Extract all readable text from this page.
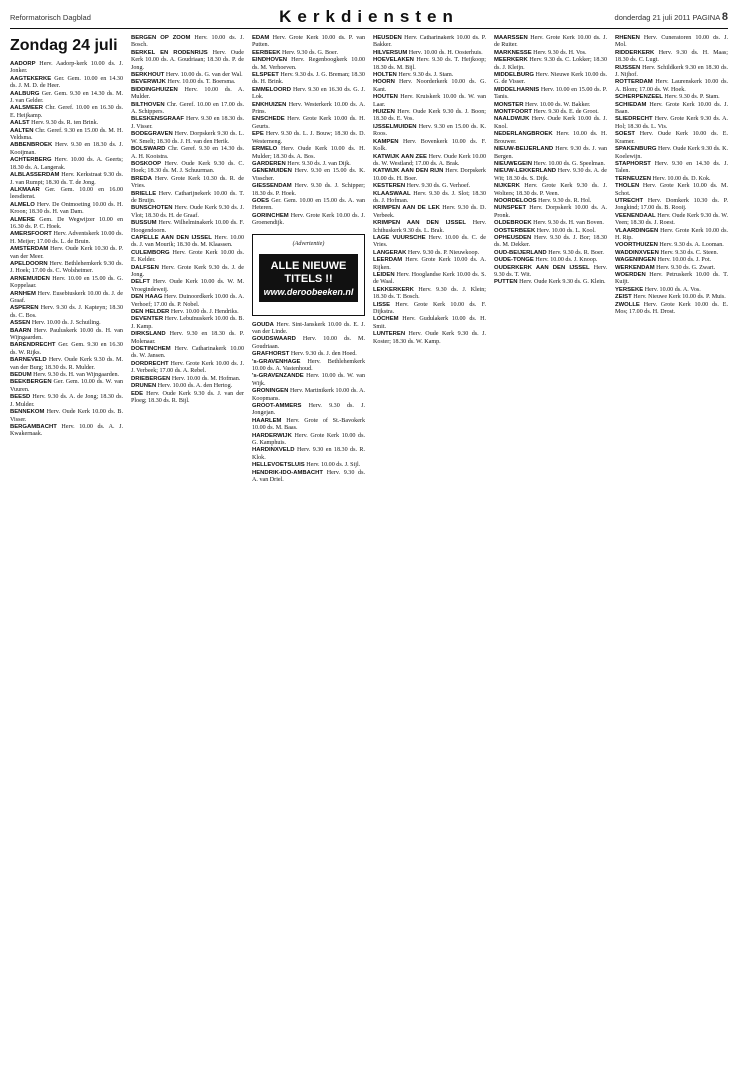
Reformatorisch Dagblad	Kerkdiensten	donderdag 21 juli 2011 PAGINA 8
Zondag 24 juli

AADORP Herv. Aadorp-kerk 10.00 ds. J. Jonker.

AAGTEKERKE Ger. Gem. 10.00 en 14.30 ds. J. M. D. de Heer.

AALBURG Ger. Gem. 9.30 en 14.30 ds. M. J. van Gelder.

AALSMEER Chr. Geref. 10.00 en 16.30 ds. E. Heijkamp.

AALST Herv. 9.30 ds. R. ten Brink.

AALTEN Chr. Geref. 9.30 en 15.00 ds. M. H. Veldsma.

ABBENBROEK Herv. 9.30 en 18.30 ds. J. Kooijman.

ACHTERBERG Herv. 10.00 ds. A. Geerts; 18.30 ds. A. Langerak.

ALBLASSERDAM Herv. Kerkstraat 9.30 ds. J. van Rumpt; 18.30 ds. T. de Jong.

ALKMAAR Ger. Gem. 10.00 en 16.00 leesdienst.

ALMELO Herv. De Ontmoeting 10.00 ds. H. Kroon; 18.30 ds. H. van Dam.

ALMERE Gem. De Wegwijzer 10.00 en 16.30 ds. P. C. Hoek.

AMERSFOORT Herv. Adventskerk 10.00 ds. H. Meijer; 17.00 ds. L. de Bruin.

AMSTERDAM Herv. Oude Kerk 10.30 ds. P. van der Meer.

APELDOORN Herv. Bethlehemkerk 9.30 ds. J. Hoek; 17.00 ds. C. Wolsheimer.

ARNEMUIDEN Herv. 10.00 en 15.00 ds. G. Koppelaar.

ARNHEM Herv. Eusebiuskerk 10.00 ds. J. de Graaf.

ASPEREN Herv. 9.30 ds. J. Kapteyn; 18.30 ds. C. Bos.

ASSEN Herv. 10.00 ds. J. Schuiling.

BAARN Herv. Pauluskerk 10.00 ds. H. van Wijngaarden.

BARENDRECHT Ger. Gem. 9.30 en 16.30 ds. W. Rijks.

BARNEVELD Herv. Oude Kerk 9.30 ds. M. van der Burg; 18.30 ds. R. Mulder.

BEDUM Herv. 9.30 ds. H. van Wijngaarden.

BEEKBERGEN Ger. Gem. 10.00 ds. W. van Vuuren.

BEESD Herv. 9.30 ds. A. de Jong; 18.30 ds. J. Mulder.

BENNEKOM Herv. Oude Kerk 10.00 ds. B. Visser.

BERGAMBACHT Herv. 10.00 ds. A. J. Kwakernaak.

BERGEN OP ZOOM Herv. 10.00 ds. J. Bosch.

BERKEL EN RODENRIJS Herv. Oude Kerk 10.00 ds. A. Goudriaan; 18.30 ds. P. de Jong.

BERKHOUT Herv. 10.00 ds. G. van der Wal.

BEVERWIJK Herv. 10.00 ds. T. Boersma.

BIDDINGHUIZEN Herv. 10.00 ds. A. Mulder.

BILTHOVEN Chr. Geref. 10.00 en 17.00 ds. A. Schippers.

BLESKENSGRAAF Herv. 9.30 en 18.30 ds. J. Visser.

BODEGRAVEN Herv. Dorpskerk 9.30 ds. L. W. Smelt; 18.30 ds. J. H. van den Herik.

BOLSWARD Chr. Geref. 9.30 en 14.30 ds. A. H. Kooistra.

BOSKOOP Herv. Oude Kerk 9.30 ds. C. Hoek; 18.30 ds. M. J. Schuurman.

BREDA Herv. Grote Kerk 10.30 ds. R. de Vries.

BRIELLE Herv. Catharijnekerk 10.00 ds. T. de Bruijn.

BUNSCHOTEN Herv. Oude Kerk 9.30 ds. J. Vlot; 18.30 ds. H. de Graaf.

BUSSUM Herv. Wilhelminakerk 10.00 ds. F. Hoogendoorn.

CAPELLE AAN DEN IJSSEL Herv. 10.00 ds. J. van Mourik; 18.30 ds. M. Klaassen.

CULEMBORG Herv. Grote Kerk 10.00 ds. E. Kelder.

DALFSEN Herv. Grote Kerk 9.30 ds. J. de Jong.

DELFT Herv. Oude Kerk 10.00 ds. W. M. Vroegindeweij.

DEN HAAG Herv. Duinoordkerk 10.00 ds. A. Verhoef; 17.00 ds. P. Nobel.

DEN HELDER Herv. 10.00 ds. J. Hendriks.

DEVENTER Herv. Lebuïnuskerk 10.00 ds. B. J. Kamp.

DIRKSLAND Herv. 9.30 en 18.30 ds. P. Molenaar.

DOETINCHEM Herv. Catharinakerk 10.00 ds. W. Jansen.

DORDRECHT Herv. Grote Kerk 10.00 ds. J. J. Verbeek; 17.00 ds. A. Rebel.

DRIEBERGEN Herv. 10.00 ds. M. Hofman.

DRUNEN Herv. 10.00 ds. A. den Hertog.

EDE Herv. Oude Kerk 9.30 ds. J. van der Ploeg; 18.30 ds. R. Bijl.

EDAM Herv. Grote Kerk 10.00 ds. P. van Putten.

EERBEEK Herv. 9.30 ds. G. Boer.

EINDHOVEN Herv. Regenboogkerk 10.00 ds. M. Verhoeven.

ELSPEET Herv. 9.30 ds. J. G. Breman; 18.30 ds. H. Brink.

EMMELOORD Herv. 9.30 en 16.30 ds. G. J. Lok.

ENKHUIZEN Herv. Westerkerk 10.00 ds. A. Prins.

ENSCHEDE Herv. Grote Kerk 10.00 ds. H. Geurts.

EPE Herv. 9.30 ds. L. J. Bouw; 18.30 ds. D. Westerneng.

ERMELO Herv. Oude Kerk 10.00 ds. H. Mulder; 18.30 ds. A. Bos.

GARDEREN Herv. 9.30 ds. J. van Dijk.

GENEMUIDEN Herv. 9.30 en 15.00 ds. K. Visscher.

GIESSENDAM Herv. 9.30 ds. J. Schipper; 18.30 ds. P. Hoek.

GOES Ger. Gem. 10.00 en 15.00 ds. A. van Heteren.

GORINCHEM Herv. Grote Kerk 10.00 ds. J. Groenendijk.

(Advertentie)
ALLE NIEUWE TITELS !!
www.deroobeeken.nl

GOUDA Herv. Sint-Janskerk 10.00 ds. E. J. van der Linde.

GOUDSWAARD Herv. 10.00 ds. M. Goudriaan.

GRAFHORST Herv. 9.30 ds. J. den Hoed.

's-GRAVENHAGE Herv. Bethlehemkerk 10.00 ds. A. Vastenhoud.

's-GRAVENZANDE Herv. 10.00 ds. W. van Wijk.

GRONINGEN Herv. Martinikerk 10.00 ds. A. Koopmans.

GROOT-AMMERS Herv. 9.30 ds. J. Jongejan.

HAARLEM Herv. Grote of St.-Bavokerk 10.00 ds. M. Baas.

HARDERWIJK Herv. Grote Kerk 10.00 ds. G. Kamphuis.

HARDINXVELD Herv. 9.30 en 18.30 ds. R. Klok.

HELLEVOETSLUIS Herv. 10.00 ds. J. Sijl.

HENDRIK-IDO-AMBACHT Herv. 9.30 ds. A. van Driel.

HEUSDEN Herv. Catharinakerk 10.00 ds. P. Bakker.

HILVERSUM Herv. 10.00 ds. H. Oosterhuis.

HOEVELAKEN Herv. 9.30 ds. T. Heijkoop; 18.30 ds. M. Bijl.

HOLTEN Herv. 9.30 ds. J. Stam.

HOORN Herv. Noorderkerk 10.00 ds. G. Kant.

HOUTEN Herv. Kruiskerk 10.00 ds. W. van Laar.

HUIZEN Herv. Oude Kerk 9.30 ds. J. Boon; 18.30 ds. E. Vos.

IJSSELMUIDEN Herv. 9.30 en 15.00 ds. K. Roos.

KAMPEN Herv. Bovenkerk 10.00 ds. F. Kolk.

KATWIJK AAN ZEE Herv. Oude Kerk 10.00 ds. W. Westland; 17.00 ds. A. Brak.

KATWIJK AAN DEN RIJN Herv. Dorpskerk 10.00 ds. H. Boer.

KESTEREN Herv. 9.30 ds. G. Verhoef.

KLAASWAAL Herv. 9.30 ds. J. Slot; 18.30 ds. J. Hofman.

KRIMPEN AAN DE LEK Herv. 9.30 ds. D. Verbeek.

KRIMPEN AAN DEN IJSSEL Herv. Ichthuskerk 9.30 ds. L. Brak.

LAGE VUURSCHE Herv. 10.00 ds. C. de Vries.

LANGERAK Herv. 9.30 ds. P. Nieuwkoop.

LEERDAM Herv. Grote Kerk 10.00 ds. A. Rijken.

LEIDEN Herv. Hooglandse Kerk 10.00 ds. S. de Waal.

LEKKERKERK Herv. 9.30 ds. J. Klein; 18.30 ds. T. Bosch.

LISSE Herv. Grote Kerk 10.00 ds. F. Dijkstra.

LOCHEM Herv. Gudulakerk 10.00 ds. H. Smit.

LUNTEREN Herv. Oude Kerk 9.30 ds. J. Koster; 18.30 ds. W. Kamp.

MAARSSEN Herv. Grote Kerk 10.00 ds. J. de Ruiter.

MARKNESSE Herv. 9.30 ds. H. Vos.

MEERKERK Herv. 9.30 ds. C. Lokker; 18.30 ds. J. Kleijn.

MIDDELBURG Herv. Nieuwe Kerk 10.00 ds. G. de Visser.

MIDDELHARNIS Herv. 10.00 en 15.00 ds. P. Tanis.

MONSTER Herv. 10.00 ds. W. Bakker.

MONTFOORT Herv. 9.30 ds. E. de Groot.

NAALDWIJK Herv. Oude Kerk 10.00 ds. J. Knol.

NEDERLANGBROEK Herv. 10.00 ds. H. Brouwer.

NIEUW-BEIJERLAND Herv. 9.30 ds. J. van Bergen.

NIEUWEGEIN Herv. 10.00 ds. G. Speelman.

NIEUW-LEKKERLAND Herv. 9.30 ds. A. de Wit; 18.30 ds. S. Dijk.

NIJKERK Herv. Grote Kerk 9.30 ds. J. Wolters; 18.30 ds. P. Veen.

NOORDELOOS Herv. 9.30 ds. R. Hol.

NUNSPEET Herv. Dorpskerk 10.00 ds. A. Pronk.

OLDEBROEK Herv. 9.30 ds. H. van Boven.

OOSTERBEEK Herv. 10.00 ds. L. Kool.

OPHEUSDEN Herv. 9.30 ds. J. Bor; 18.30 ds. M. Dekker.

OUD-BEIJERLAND Herv. 9.30 ds. R. Boer.

OUDE-TONGE Herv. 10.00 ds. J. Knoop.

OUDERKERK AAN DEN IJSSEL Herv. 9.30 ds. T. Wit.

PUTTEN Herv. Oude Kerk 9.30 ds. G. Klein.

RHENEN Herv. Cuneratoren 10.00 ds. J. Mol.

RIDDERKERK Herv. 9.30 ds. H. Maas; 18.30 ds. C. Lugt.

RIJSSEN Herv. Schildkerk 9.30 en 18.30 ds. J. Nijhof.

ROTTERDAM Herv. Laurenskerk 10.00 ds. A. Blom; 17.00 ds. W. Hoek.

SCHERPENZEEL Herv. 9.30 ds. P. Stam.

SCHIEDAM Herv. Grote Kerk 10.00 ds. J. Baan.

SLIEDRECHT Herv. Grote Kerk 9.30 ds. A. Hol; 18.30 ds. L. Vis.

SOEST Herv. Oude Kerk 10.00 ds. E. Kramer.

SPAKENBURG Herv. Oude Kerk 9.30 ds. K. Koelewijn.

STAPHORST Herv. 9.30 en 14.30 ds. J. Talen.

TERNEUZEN Herv. 10.00 ds. D. Kok.

THOLEN Herv. Grote Kerk 10.00 ds. M. Schot.

UTRECHT Herv. Domkerk 10.30 ds. P. Jongkind; 17.00 ds. B. Rooij.

VEENENDAAL Herv. Oude Kerk 9.30 ds. W. Veen; 18.30 ds. J. Roest.

VLAARDINGEN Herv. Grote Kerk 10.00 ds. H. Rip.

VOORTHUIZEN Herv. 9.30 ds. A. Looman.

WADDINXVEEN Herv. 9.30 ds. C. Steen.

WAGENINGEN Herv. 10.00 ds. J. Pot.

WERKENDAM Herv. 9.30 ds. G. Zwart.

WOERDEN Herv. Petruskerk 10.00 ds. T. Kuijt.

YERSEKE Herv. 10.00 ds. A. Vos.

ZEIST Herv. Nieuwe Kerk 10.00 ds. P. Muis.

ZWOLLE Herv. Grote Kerk 10.00 ds. E. Mos; 17.00 ds. H. Drost.
